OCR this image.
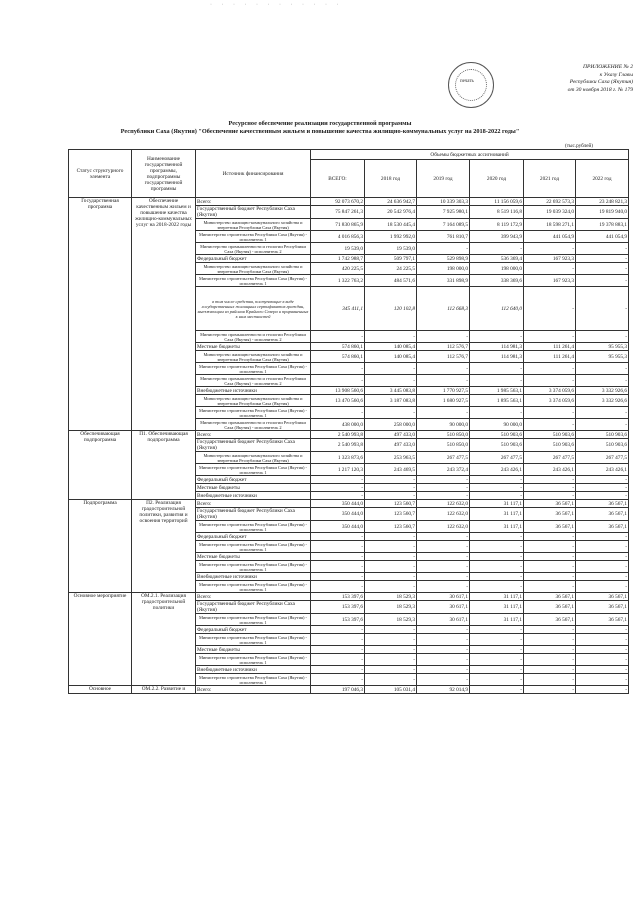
· · · · · · · · · · · ·
печать
ПРИЛОЖЕНИЕ № 2
к Указу Главы
Республики Саха (Якутия)
от 30 ноября 2018 г. № 179
Ресурсное обеспечение реализации государственной программы
Республики Саха (Якутия) "Обеспечение качественным жильем и повышение качества жилищно-коммунальных услуг на 2018-2022 годы"
(тыс.рублей)
Статус структурного элемента	Наименование государственной программы, подпрограммы государственной программы	Источник финансирования	Объемы бюджетных ассигнований					
			ВСЕГО:	2018 год	2019 год	2020 год	2021 год	2022 год
Государственная программа	Обеспечение качественным жильем и повышение качества жилищно-коммунальных услуг на 2018-2022 годы	Всего:	92 073 670,2	24 636 942,7	10 339 303,3	11 156 059,6	22 692 573,3	23 248 821,3
		Государственный бюджет Республики Саха (Якутия)	75 847 261,3	20 542 976,4	7 925 980,1	8 519 116,8	19 039 324,0	19 819 940,0
		Министерство жилищно-коммунального хозяйства и энергетики Республики Саха (Якутия)	71 830 865,9	18 530 445,4	7 164 089,5	8 119 172,9	18 598 271,1	19 378 883,1
		Министерство строительства Республики Саха (Якутия) - исполнитель 1	4 016 856,3	1 992 992,0	761 810,7	399 943,9	441 054,9	441 054,9
		Министерство промышленности и геологии Республики Саха (Якутия) - исполнитель 2	19 539,0	19 539,0	-	-	-	-
		Федеральный бюджет	1 742 988,7	509 797,1	529 898,9	536 369,4	167 923,3	-
		Министерство жилищно-коммунального хозяйства и энергетики Республики Саха (Якутия)	420 225,5	24 225,5	198 000,0	198 000,0	-	-
		Министерство строительства Республики Саха (Якутия) - исполнитель 1	1 322 763,2	484 571,6	331 898,9	338 369,6	167 923,3	-
		в том числе средства, поступающие в виде государственных жилищных сертификатов граждан, выезжающим из районов Крайнего Севера и приравненных к ним местностей	345 411,1	120 102,8	112 668,3	112 640,0	-	-
		Министерство промышленности и геологии Республики Саха (Якутия) - исполнитель 2	-	-	-	-	-	-
		Местные бюджеты	574 860,1	140 085,4	112 576,7	114 981,3	111 261,4	95 955,3
		Министерство жилищно-коммунального хозяйства и энергетики Республики Саха (Якутия)	574 860,1	140 085,4	112 576,7	114 981,3	111 261,4	95 955,3
		Министерство строительства Республики Саха (Якутия) - исполнитель 1	-	-	-	-	-	-
		Министерство промышленности и геологии Республики Саха (Якутия) - исполнитель 2	-	-	-	-	-	-
		Внебюджетные источники	13 908 560,6	3 445 083,8	1 770 927,5	1 985 563,1	3 374 059,6	3 332 926,6
		Министерство жилищно-коммунального хозяйства и энергетики Республики Саха (Якутия)	13 470 560,6	3 187 083,8	1 680 927,5	1 895 563,1	3 374 059,6	3 332 926,6
		Министерство строительства Республики Саха (Якутия) - исполнитель 1	-	-	-	-	-	-
		Министерство промышленности и геологии Республики Саха (Якутия) - исполнитель 2	438 000,0	258 000,0	90 000,0	90 000,0	-	-
Обеспечивающая подпрограмма	П1. Обеспечивающая подпрограмма	Всего:	2 540 993,8	497 433,0	510 850,0	510 903,6	510 903,6	510 903,6
		Государственный бюджет Республики Саха (Якутия)	2 540 993,8	497 433,0	510 850,0	510 903,6	510 903,6	510 903,6
		Министерство жилищно-коммунального хозяйства и энергетики Республики Саха (Якутия)	1 323 873,6	253 963,5	267 477,5	267 477,5	267 477,5	267 477,5
		Министерство строительства Республики Саха (Якутия) - исполнитель 1	1 217 120,3	243 469,5	243 372,4	243 426,1	243 426,1	243 426,1
		Федеральный бюджет	-	-	-	-	-	-
		Местные бюджеты	-	-	-	-	-	-
		Внебюджетные источники	-	-	-	-	-	-
Подпрограмма	П2. Реализация градостроительной политики, развития и освоения территорий	Всего:	350 444,0	123 560,7	122 632,0	31 117,1	36 567,1	36 567,1
		Государственный бюджет Республики Саха (Якутия)	350 444,0	123 560,7	122 632,0	31 117,1	36 567,1	36 567,1
		Министерство строительства Республики Саха (Якутия) - исполнитель 1	350 444,0	123 560,7	122 632,0	31 117,1	36 567,1	36 567,1
		Федеральный бюджет	-	-	-	-	-	-
		Министерство строительства Республики Саха (Якутия) - исполнитель 1	-	-	-	-	-	-
		Местные бюджеты	-	-	-	-	-	-
		Министерство строительства Республики Саха (Якутия) - исполнитель 1	-	-	-	-	-	-
		Внебюджетные источники	-	-	-	-	-	-
		Министерство строительства Республики Саха (Якутия) - исполнитель 1	-	-	-	-	-	-
Основное мероприятие	ОМ.2.1. Реализация градостроительной политики	Всего:	153 397,6	18 529,3	30 617,1	31 117,1	36 567,1	36 567,1
		Государственный бюджет Республики Саха (Якутия)	153 397,6	18 529,3	30 617,1	31 117,1	36 567,1	36 567,1
		Министерство строительства Республики Саха (Якутия) - исполнитель 1	153 397,6	18 529,3	30 617,1	31 117,1	36 567,1	36 567,1
		Федеральный бюджет	-	-	-	-	-	-
		Министерство строительства Республики Саха (Якутия) - исполнитель 1	-	-	-	-	-	-
		Местные бюджеты	-	-	-	-	-	-
		Министерство строительства Республики Саха (Якутия) - исполнитель 1	-	-	-	-	-	-
		Внебюджетные источники	-	-	-	-	-	-
		Министерство строительства Республики Саха (Якутия) - исполнитель 1	-	-	-	-	-	-
Основное	ОМ.2.2. Развитие и	Всего:	197 046,3	105 031,4	92 014,9	-	-	-
